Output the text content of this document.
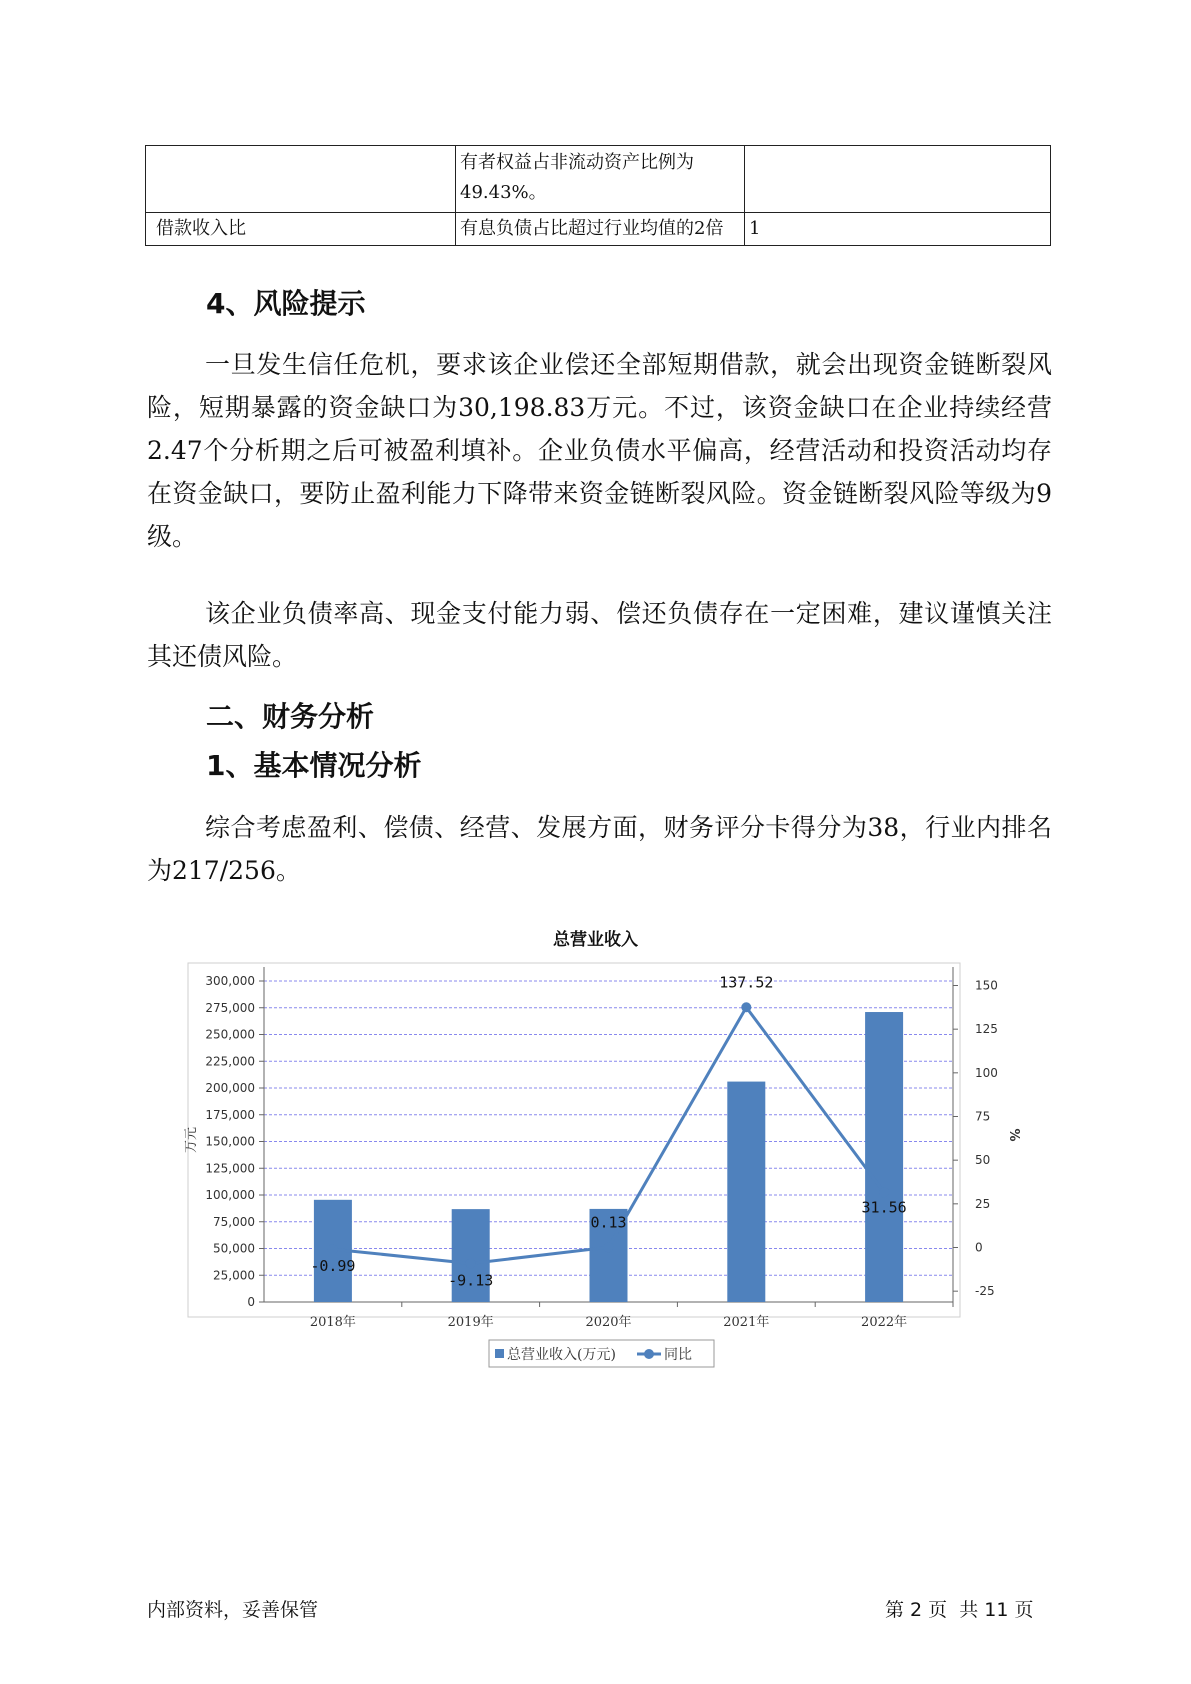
	有者权益占非流动资产比例为
49.43%。	

借款收入比	有息负债占比超过行业均值的2倍	1
4、风险提示

一旦发生信任危机，要求该企业偿还全部短期借款，就会出现资金链断裂风险，短期暴露的资金缺口为30,198.83万元。不过，该资金缺口在企业持续经营 2.47个分析期之后可被盈利填补。企业负债水平偏高，经营活动和投资活动均存在资金缺口，要防止盈利能力下降带来资金链断裂风险。资金链断裂风险等级为9级。

该企业负债率高、现金支付能力弱、偿还负债存在一定困难，建议谨慎关注其还债风险。

二、财务分析
1、基本情况分析

综合考虑盈利、偿债、经营、发展方面，财务评分卡得分为38，行业内排名为217/256。

总营业收入
0
25,000
50,000
75,000
100,000
125,000
150,000
175,000
200,000
225,000
250,000
275,000
300,000
-25
0
25
50
75
100
125
150
万元	%
2018年	2019年	2020年	2021年	2022年
-0.99
-9.13
0.13
137.52
31.56
总营业收入(万元)	同比
内部资料，妥善保管	第 2 页  共 11 页
